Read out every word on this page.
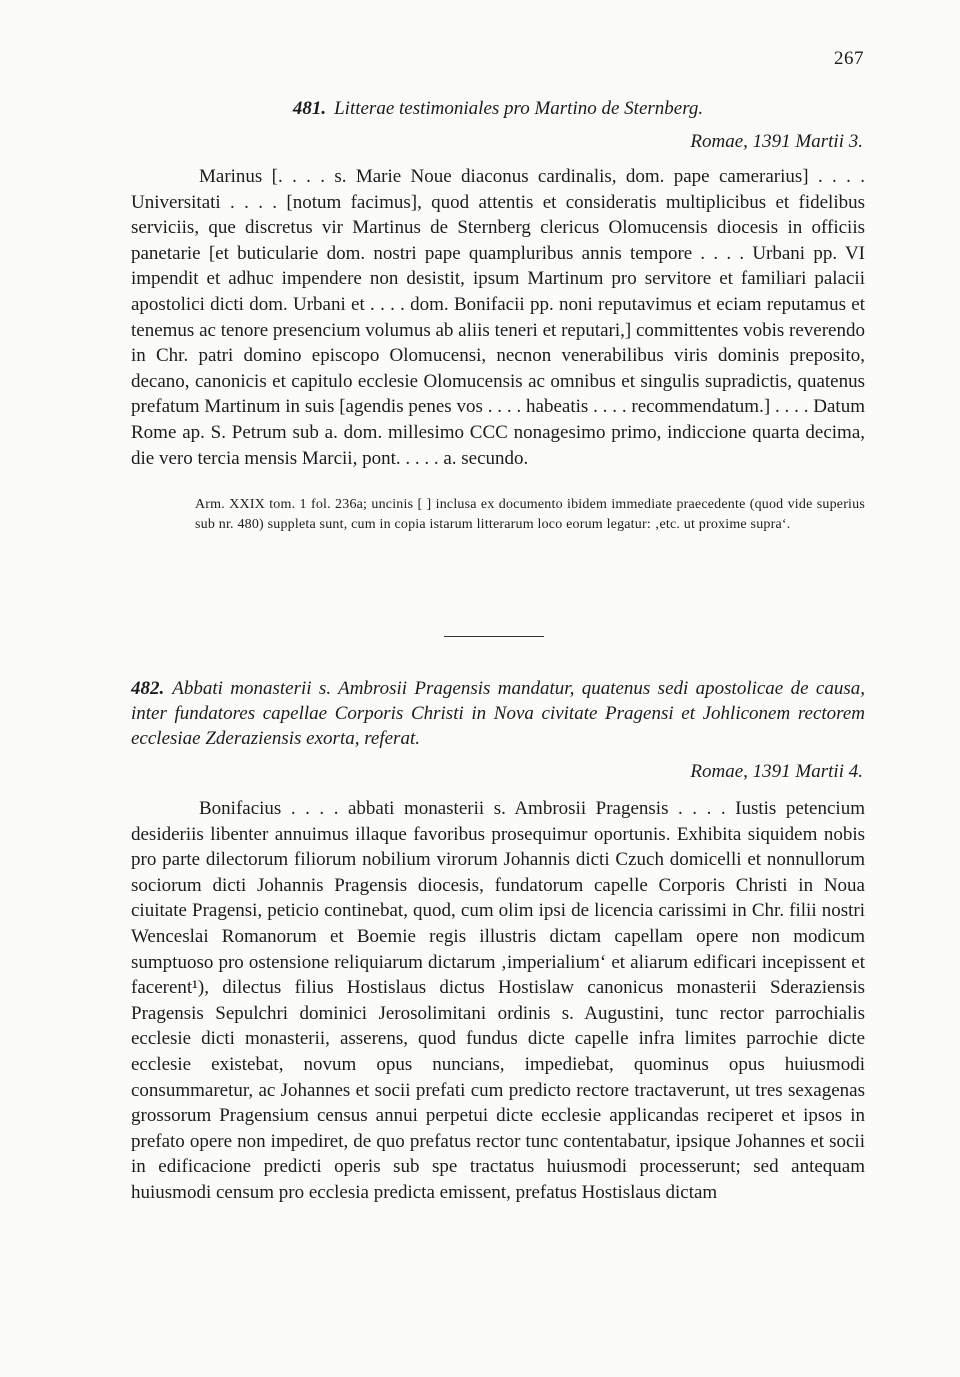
267
481. Litterae testimoniales pro Martino de Sternberg.
Romae, 1391 Martii 3.

Marinus [. . . . s. Marie Noue diaconus cardinalis, dom. pape camerarius] . . . . Universitati . . . . [notum facimus], quod attentis et consideratis multiplicibus et fidelibus serviciis, que discretus vir Martinus de Sternberg clericus Olomucensis diocesis in officiis panetarie [et buticularie dom. nostri pape quampluribus annis tempore . . . . Urbani pp. VI impendit et adhuc impendere non desistit, ipsum Martinum pro servitore et familiari palacii apostolici dicti dom. Urbani et . . . . dom. Bonifacii pp. noni reputavimus et eciam reputamus et tenemus ac tenore presencium volumus ab aliis teneri et reputari,] committentes vobis reverendo in Chr. patri domino episcopo Olomucensi, necnon venerabilibus viris dominis preposito, decano, canonicis et capitulo ecclesie Olomucensis ac omnibus et singulis supradictis, quatenus prefatum Martinum in suis [agendis penes vos . . . . habeatis . . . . recommendatum.] . . . . Datum Rome ap. S. Petrum sub a. dom. millesimo CCC nonagesimo primo, indiccione quarta decima, die vero tercia mensis Marcii, pont. . . . . a. secundo.

Arm. XXIX tom. 1 fol. 236a; uncinis [ ] inclusa ex documento ibidem immediate praecedente (quod vide superius sub nr. 480) suppleta sunt, cum in copia istarum litterarum loco eorum legatur: ‚etc. ut proxime supra‘.
482. Abbati monasterii s. Ambrosii Pragensis mandatur, quatenus sedi apostolicae de causa, inter fundatores capellae Corporis Christi in Nova civitate Pragensi et Johliconem rectorem ecclesiae Zderaziensis exorta, referat.
Romae, 1391 Martii 4.

Bonifacius . . . . abbati monasterii s. Ambrosii Pragensis . . . . Iustis petencium desideriis libenter annuimus illaque favoribus prosequimur oportunis. Exhibita siquidem nobis pro parte dilectorum filiorum nobilium virorum Johannis dicti Czuch domicelli et nonnullorum sociorum dicti Johannis Pragensis diocesis, fundatorum capelle Corporis Christi in Noua ciuitate Pragensi, peticio continebat, quod, cum olim ipsi de licencia carissimi in Chr. filii nostri Wenceslai Romanorum et Boemie regis illustris dictam capellam opere non modicum sumptuoso pro ostensione reliquiarum dictarum ‚imperialium‘ et aliarum edificari incepissent et facerent¹), dilectus filius Hostislaus dictus Hostislaw canonicus monasterii Sderaziensis Pragensis Sepulchri dominici Jerosolimitani ordinis s. Augustini, tunc rector parrochialis ecclesie dicti monasterii, asserens, quod fundus dicte capelle infra limites parrochie dicte ecclesie existebat, novum opus nuncians, impediebat, quominus opus huiusmodi consummaretur, ac Johannes et socii prefati cum predicto rectore tractaverunt, ut tres sexagenas grossorum Pragensium census annui perpetui dicte ecclesie applicandas reciperet et ipsos in prefato opere non impediret, de quo prefatus rector tunc contentabatur, ipsique Johannes et socii in edificacione predicti operis sub spe tractatus huiusmodi processerunt; sed antequam huiusmodi censum pro ecclesia predicta emissent, prefatus Hostislaus dictam
